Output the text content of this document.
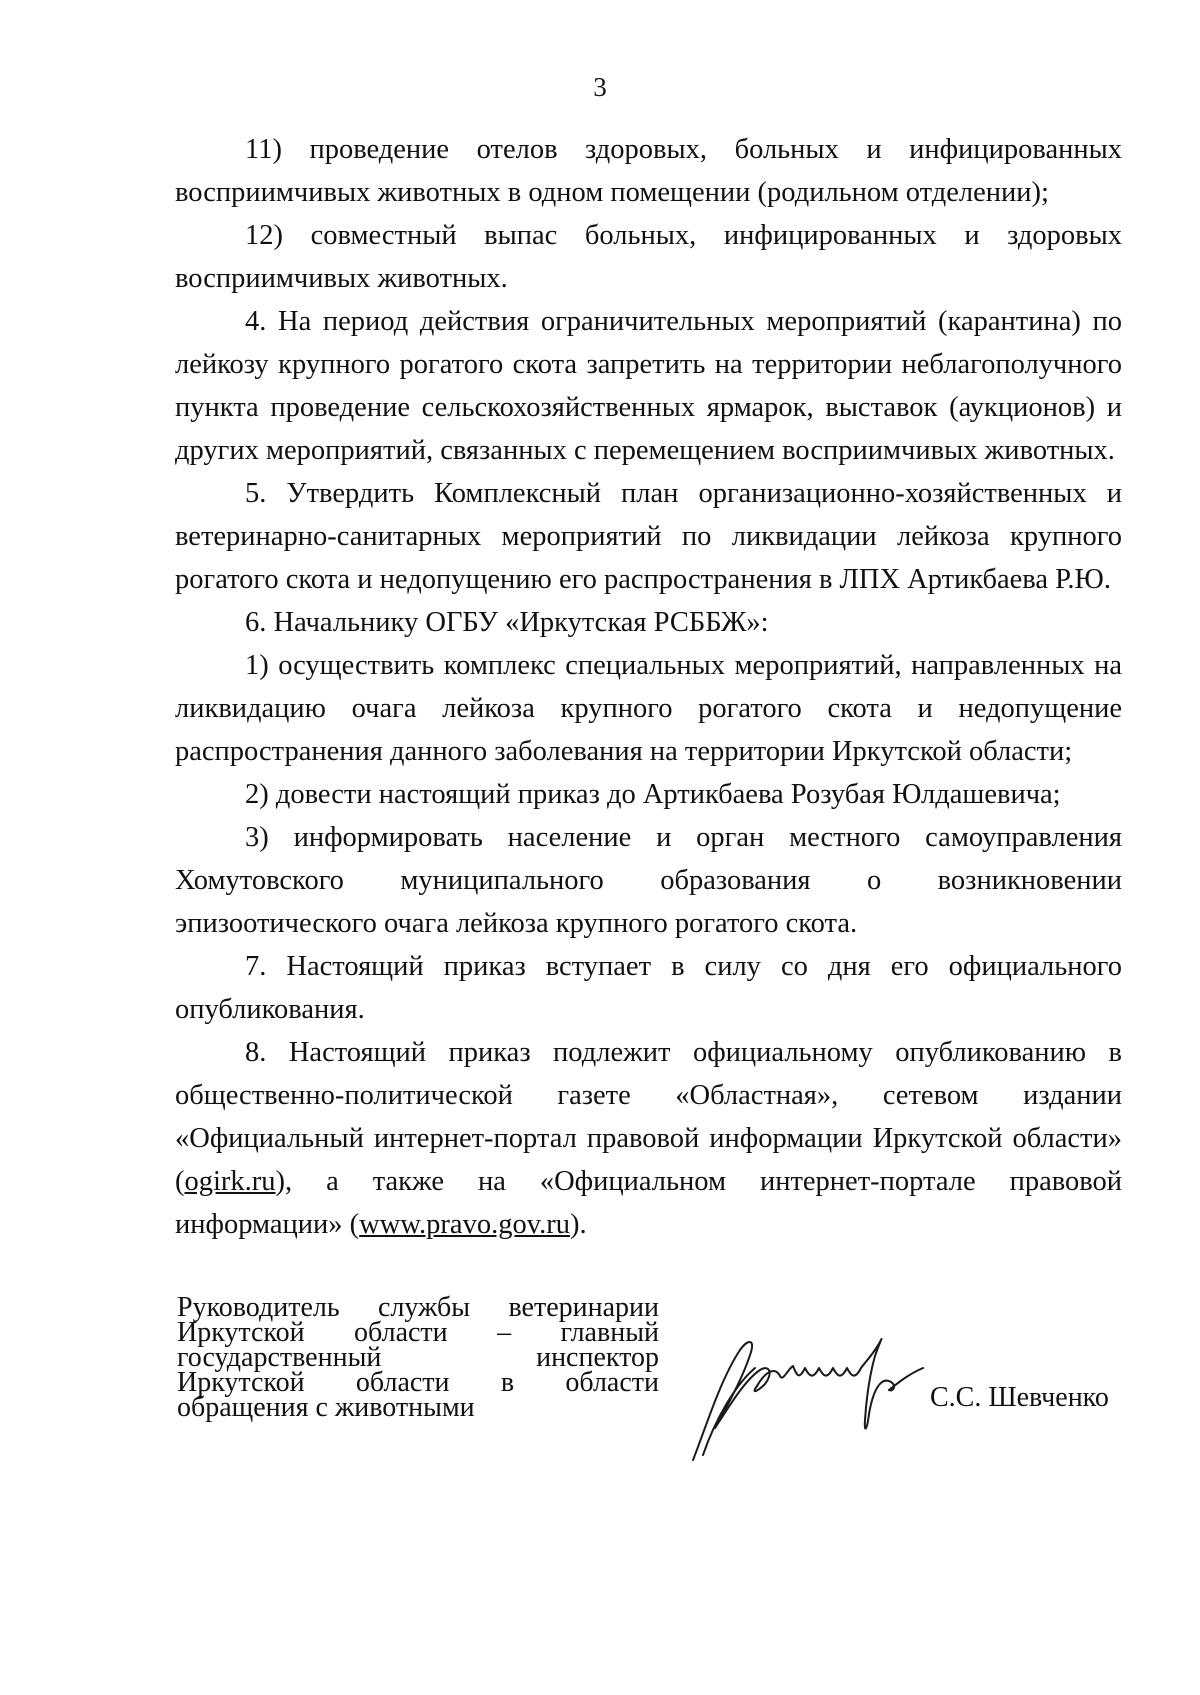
3

11) проведение отелов здоровых, больных и инфицированных восприимчивых животных в одном помещении (родильном отделении);

12) совместный выпас больных, инфицированных и здоровых восприимчивых животных.

4. На период действия ограничительных мероприятий (карантина) по лейкозу крупного рогатого скота запретить на территории неблагополучного пункта проведение сельскохозяйственных ярмарок, выставок (аукционов) и других мероприятий, связанных с перемещением восприимчивых животных.

5. Утвердить Комплексный план организационно-хозяйственных и ветеринарно-санитарных мероприятий по ликвидации лейкоза крупного рогатого скота и недопущению его распространения в ЛПХ Артикбаева Р.Ю.

6. Начальнику ОГБУ «Иркутская РСББЖ»:

1) осуществить комплекс специальных мероприятий, направленных на ликвидацию очага лейкоза крупного рогатого скота и недопущение распространения данного заболевания на территории Иркутской области;

2) довести настоящий приказ до Артикбаева Розубая Юлдашевича;

3) информировать население и орган местного самоуправления Хомутовского муниципального образования о возникновении эпизоотического очага лейкоза крупного рогатого скота.

7. Настоящий приказ вступает в силу со дня его официального опубликования.

8. Настоящий приказ подлежит официальному опубликованию в общественно-политической газете «Областная», сетевом издании «Официальный интернет-портал правовой информации Иркутской области» (ogirk.ru), а также на «Официальном интернет-портале правовой информации» (www.pravo.gov.ru).

Руководитель службы ветеринарии
Иркутской области – главный
государственный инспектор
Иркутской области в области
обращения с животными	С.С. Шевченко
